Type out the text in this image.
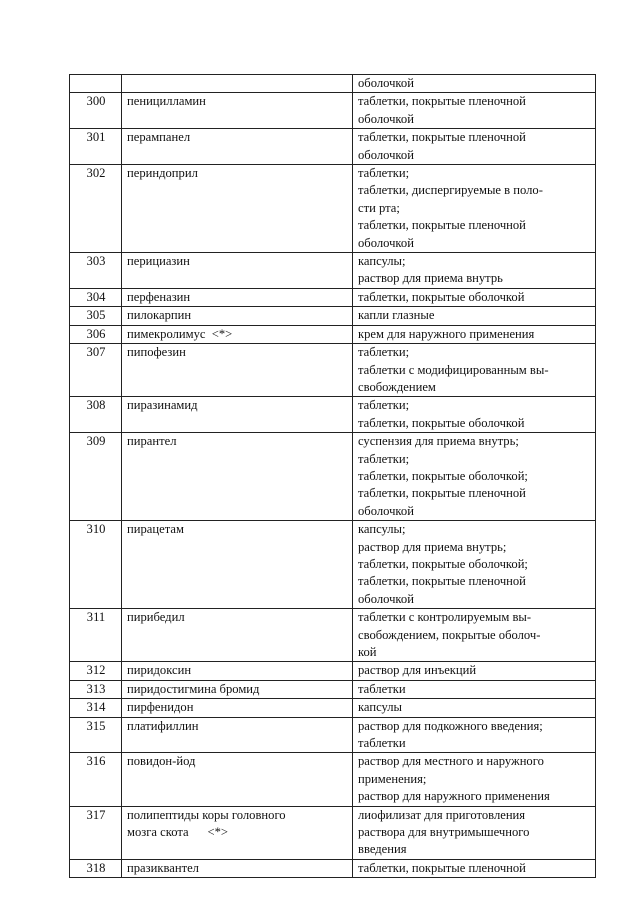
		оболочкой

300	пеницилламин	таблетки, покрытые пленочной
оболочкой

301	перампанел	таблетки, покрытые пленочной
оболочкой

302	периндоприл	таблетки;
таблетки, диспергируемые в поло-
сти рта;
таблетки, покрытые пленочной
оболочкой

303	перициазин	капсулы;
раствор для приема внутрь

304	перфеназин	таблетки, покрытые оболочкой

305	пилокарпин	капли глазные

306	пимекролимус  <*>	крем для наружного применения

307	пипофезин	таблетки;
таблетки с модифицированным вы-
свобождением

308	пиразинамид	таблетки;
таблетки, покрытые оболочкой

309	пирантел	суспензия для приема внутрь;
таблетки;
таблетки, покрытые оболочкой;
таблетки, покрытые пленочной
оболочкой

310	пирацетам	капсулы;
раствор для приема внутрь;
таблетки, покрытые оболочкой;
таблетки, покрытые пленочной
оболочкой

311	пирибедил	таблетки с контролируемым вы-
свобождением, покрытые оболоч-
кой

312	пиридоксин	раствор для инъекций

313	пиридостигмина бромид	таблетки

314	пирфенидон	капсулы

315	платифиллин	раствор для подкожного введения;
таблетки

316	повидон-йод	раствор для местного и наружного
применения;
раствор для наружного применения

317	полипептиды коры головного
мозга скота      <*>	лиофилизат для приготовления
раствора для внутримышечного
введения

318	празиквантел	таблетки, покрытые пленочной
